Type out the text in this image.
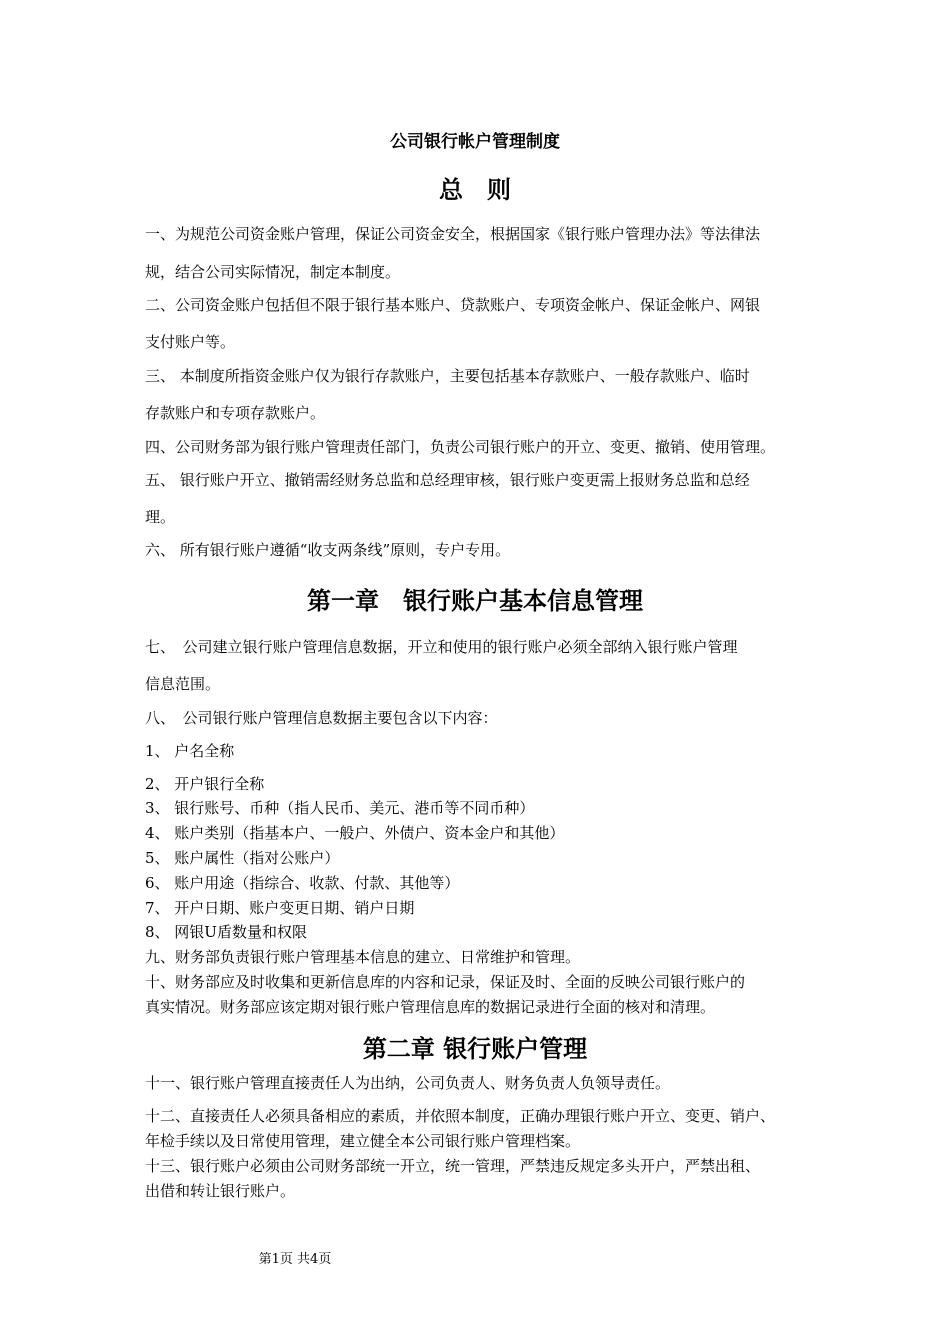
公司银行帐户管理制度
总　则
一、为规范公司资金账户管理，保证公司资金安全，根据国家《银行账户管理办法》等法律法
规，结合公司实际情况，制定本制度。
二、公司资金账户包括但不限于银行基本账户、贷款账户、专项资金帐户、保证金帐户、网银
支付账户等。
三、 本制度所指资金账户仅为银行存款账户，主要包括基本存款账户、一般存款账户、临时
存款账户和专项存款账户。
四、公司财务部为银行账户管理责任部门，负责公司银行账户的开立、变更、撤销、使用管理。
五、 银行账户开立、撤销需经财务总监和总经理审核，银行账户变更需上报财务总监和总经
理。
六、 所有银行账户遵循“收支两条线”原则，专户专用。
第一章　银行账户基本信息管理
七、　公司建立银行账户管理信息数据，开立和使用的银行账户必须全部纳入银行账户管理
信息范围。
八、　公司银行账户管理信息数据主要包含以下内容：
1、 户名全称
2、 开户银行全称
3、 银行账号、币种（指人民币、美元、港币等不同币种）
4、 账户类别（指基本户、一般户、外债户、资本金户和其他）
5、 账户属性（指对公账户）
6、 账户用途（指综合、收款、付款、其他等）
7、 开户日期、账户变更日期、销户日期
8、 网银U盾数量和权限
九、财务部负责银行账户管理基本信息的建立、日常维护和管理。
十、财务部应及时收集和更新信息库的内容和记录，保证及时、全面的反映公司银行账户的
真实情况。财务部应该定期对银行账户管理信息库的数据记录进行全面的核对和清理。
第二章 银行账户管理
十一、银行账户管理直接责任人为出纳，公司负责人、财务负责人负领导责任。
十二、直接责任人必须具备相应的素质，并依照本制度，正确办理银行账户开立、变更、销户、
年检手续以及日常使用管理，建立健全本公司银行账户管理档案。
十三、银行账户必须由公司财务部统一开立，统一管理，严禁违反规定多头开户，严禁出租、
出借和转让银行账户。
第1页 共4页
